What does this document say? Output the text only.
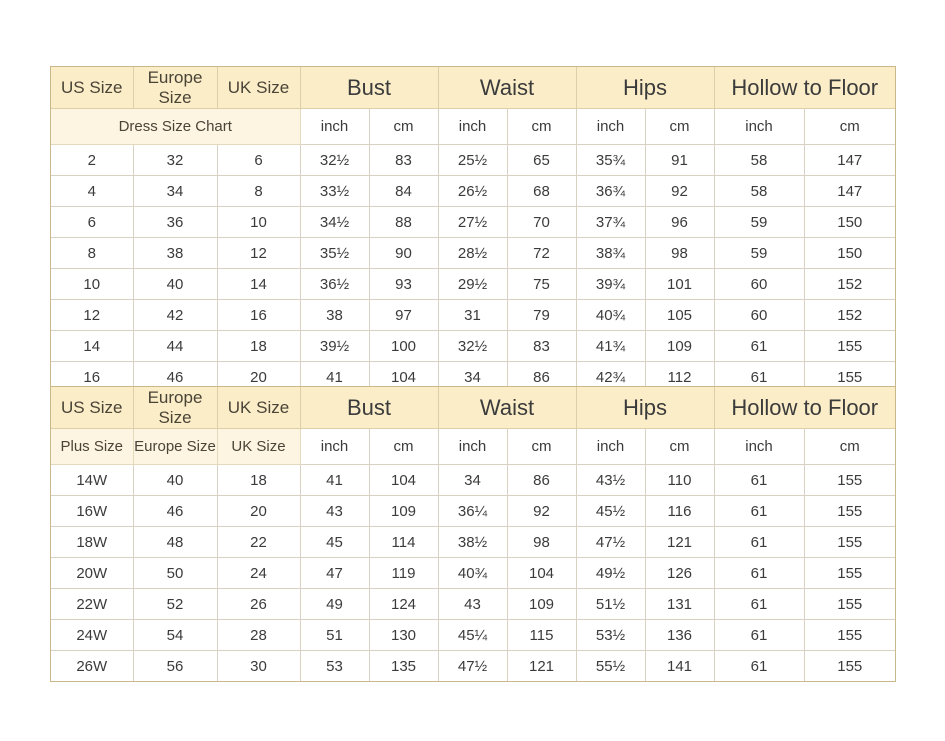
US Size	Europe Size	UK Size	Bust		Waist		Hips		Hollow to Floor	
Dress Size Chart			inch	cm	inch	cm	inch	cm	inch	cm
2	32	6	32½	83	25½	65	35¾	91	58	147
4	34	8	33½	84	26½	68	36¾	92	58	147
6	36	10	34½	88	27½	70	37¾	96	59	150
8	38	12	35½	90	28½	72	38¾	98	59	150
10	40	14	36½	93	29½	75	39¾	101	60	152
12	42	16	38	97	31	79	40¾	105	60	152
14	44	18	39½	100	32½	83	41¾	109	61	155
16	46	20	41	104	34	86	42¾	112	61	155
US Size	Europe Size	UK Size	Bust		Waist		Hips		Hollow to Floor	
Plus Size	Europe Size	UK Size	inch	cm	inch	cm	inch	cm	inch	cm
14W	40	18	41	104	34	86	43½	110	61	155
16W	46	20	43	109	36¼	92	45½	116	61	155
18W	48	22	45	114	38½	98	47½	121	61	155
20W	50	24	47	119	40¾	104	49½	126	61	155
22W	52	26	49	124	43	109	51½	131	61	155
24W	54	28	51	130	45¼	115	53½	136	61	155
26W	56	30	53	135	47½	121	55½	141	61	155
